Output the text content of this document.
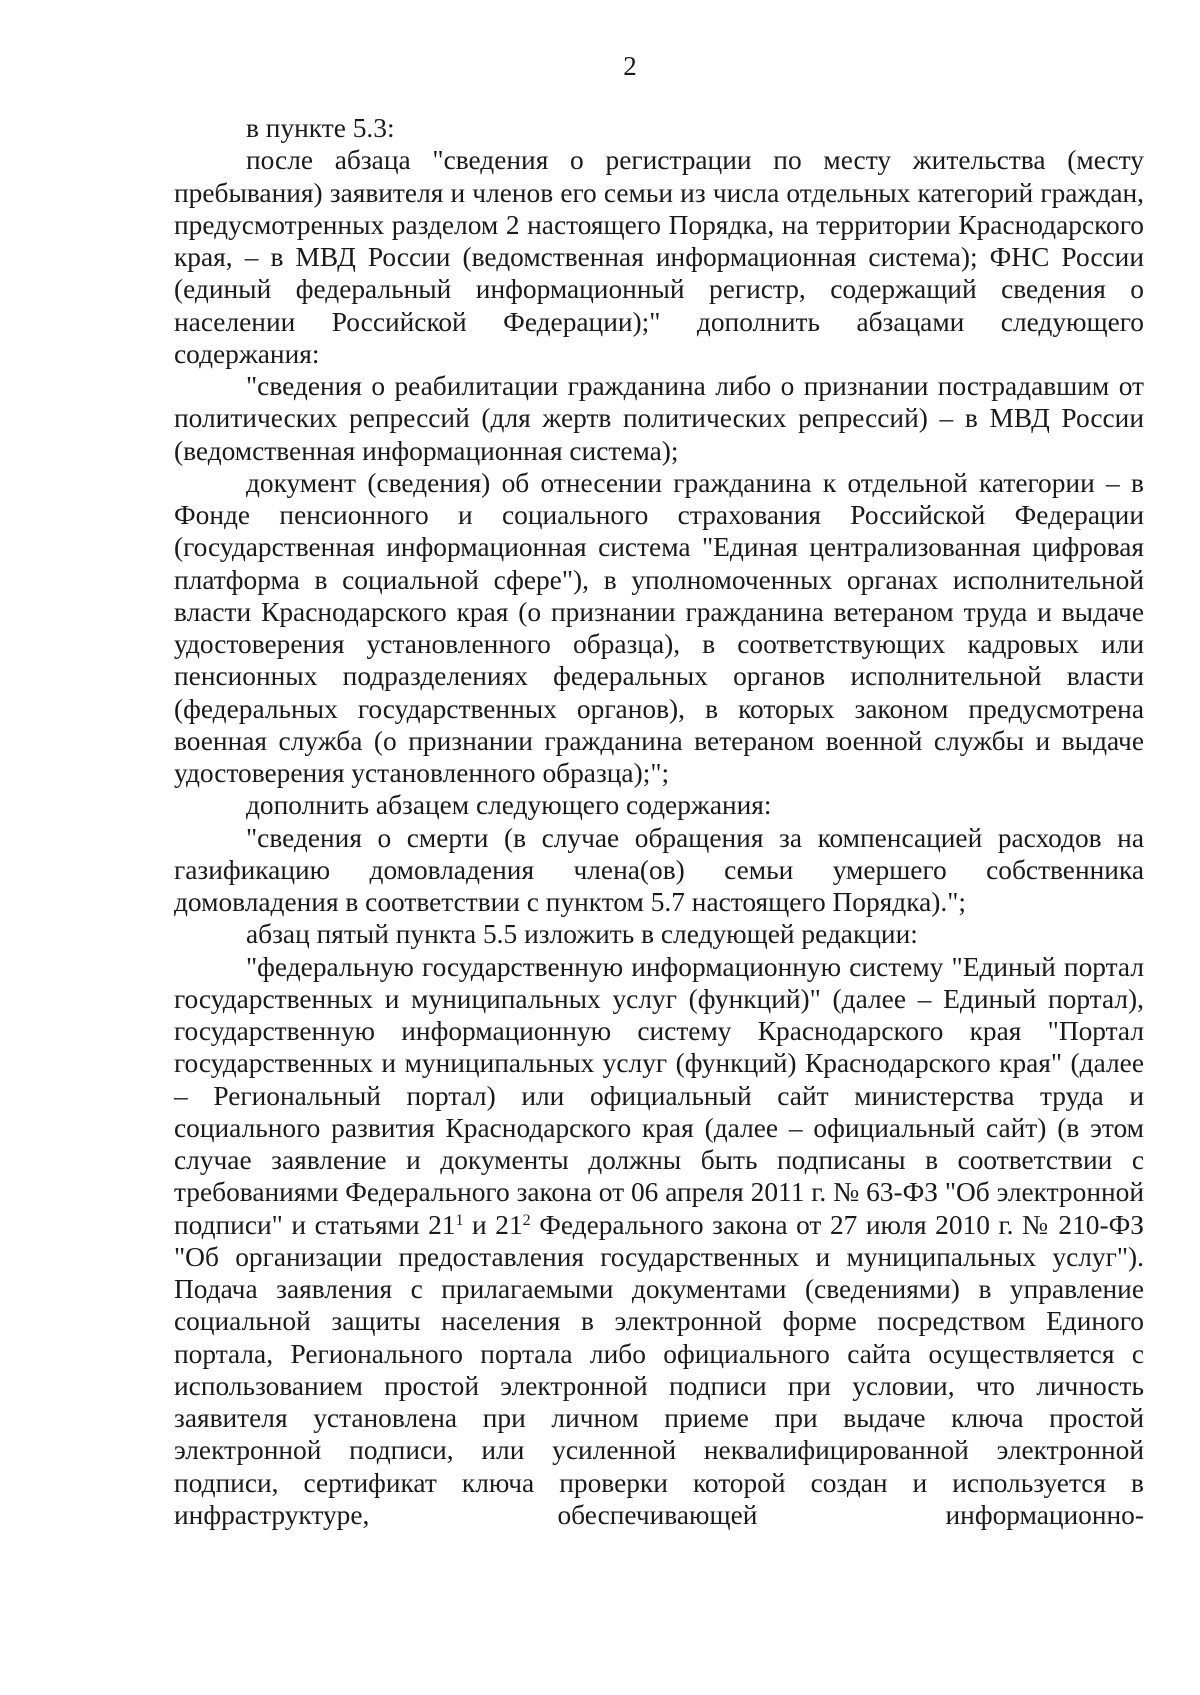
2

в пункте 5.3:

после абзаца "сведения о регистрации по месту жительства (месту пребывания) заявителя и членов его семьи из числа отдельных категорий граждан, предусмотренных разделом 2 настоящего Порядка, на территории Краснодарского края, – в МВД России (ведомственная информационная система); ФНС России (единый федеральный информационный регистр, содержащий сведения о населении Российской Федерации);" дополнить абзацами следующего содержания:

"сведения о реабилитации гражданина либо о признании пострадавшим от политических репрессий (для жертв политических репрессий) – в МВД России (ведомственная информационная система);

документ (сведения) об отнесении гражданина к отдельной категории – в Фонде пенсионного и социального страхования Российской Федерации (государственная информационная система "Единая централизованная цифровая платформа в социальной сфере"), в уполномоченных органах исполнительной власти Краснодарского края (о признании гражданина ветераном труда и выдаче удостоверения установленного образца), в соответствующих кадровых или пенсионных подразделениях федеральных органов исполнительной власти (федеральных государственных органов), в которых законом предусмотрена военная служба (о признании гражданина ветераном военной службы и выдаче удостоверения установленного образца);";

дополнить абзацем следующего содержания:

"сведения о смерти (в случае обращения за компенсацией расходов на газификацию домовладения члена(ов) семьи умершего собственника домовладения в соответствии с пунктом 5.7 настоящего Порядка).";

абзац пятый пункта 5.5 изложить в следующей редакции:

"федеральную государственную информационную систему "Единый портал государственных и муниципальных услуг (функций)" (далее – Единый портал), государственную информационную систему Краснодарского края "Портал государственных и муниципальных услуг (функций) Краснодарского края" (далее – Региональный портал) или официальный сайт министерства труда и социального развития Краснодарского края (далее – официальный сайт) (в этом случае заявление и документы должны быть подписаны в соответствии с требованиями Федерального закона от 06 апреля 2011 г. № 63-ФЗ "Об электронной подписи" и статьями $21^1$ и $21^2$ Федерального закона от 27 июля 2010 г. № 210-ФЗ "Об организации предоставления государственных и муниципальных услуг"). Подача заявления с прилагаемыми документами (сведениями) в управление социальной защиты населения в электронной форме посредством Единого портала, Регионального портала либо официального сайта осуществляется с использованием простой электронной подписи при условии, что личность заявителя установлена при личном приеме при выдаче ключа простой электронной подписи, или усиленной неквалифицированной электронной подписи, сертификат ключа проверки которой создан и используется в инфраструктуре, обеспечивающей информационно-
